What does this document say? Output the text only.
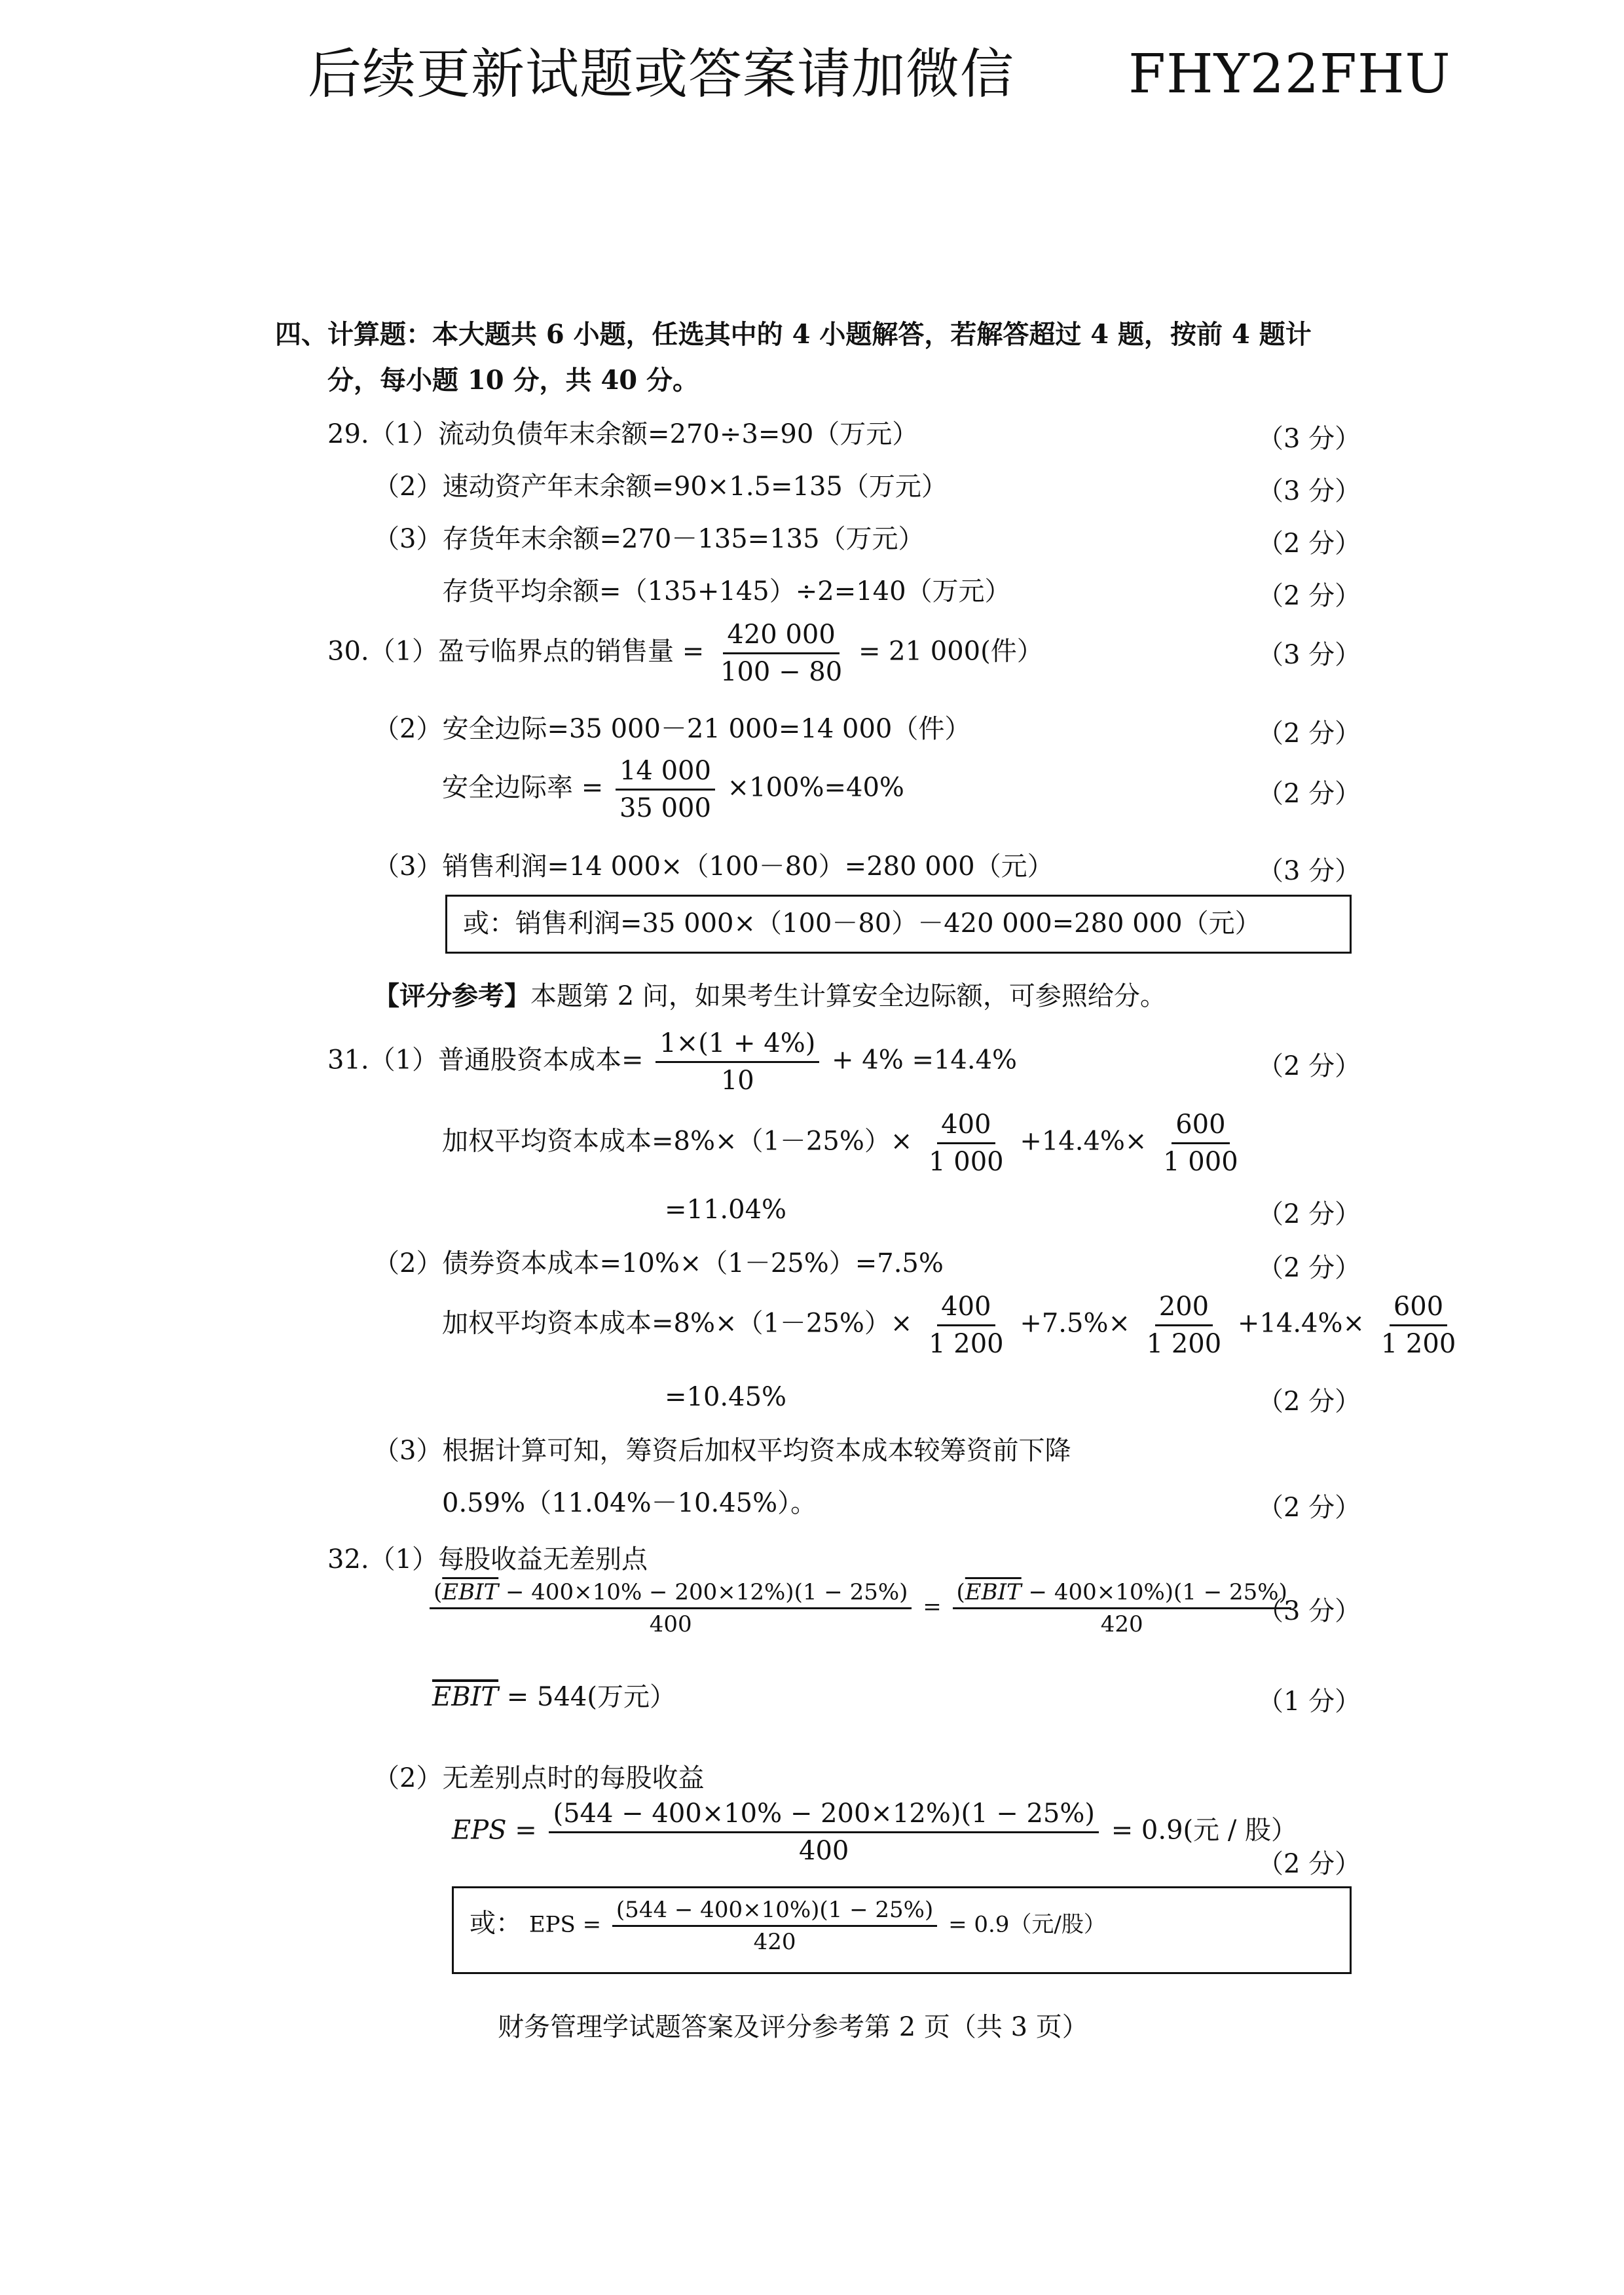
后续更新试题或答案请加微信 FHY22FHU
四、计算题：本大题共 6 小题，任选其中的 4 小题解答，若解答超过 4 题，按前 4 题计
分，每小题 10 分，共 40 分。
29.（1）流动负债年末余额=270÷3=90（万元）	（3 分）
（2）速动资产年末余额=90×1.5=135（万元）	（3 分）
（3）存货年末余额=270－135=135（万元）	（2 分）
存货平均余额=（135+145）÷2=140（万元）	（2 分）
30.（1）盈亏临界点的销售量 = $\frac{420 000}{100 - 80} = 21$ 000(件）	（3 分）
（2）安全边际=35 000－21 000=14 000（件）	（2 分）
安全边际率 = $\frac{14 000}{35 000} \times 100\%=40\%$	（2 分）
（3）销售利润=14 000×（100－80）=280 000（元）	（3 分）
或：销售利润=35 000×（100－80）－420 000=280 000（元）
【评分参考】本题第 2 问，如果考生计算安全边际额，可参照给分。
31.（1）普通股资本成本= $\frac{1\times(1 + 4\%)}{10} + 4\% =14.4\%$	（2 分）
加权平均资本成本$=8\%\times(1-25\%)\times \frac{400}{1 000} +14.4\%\times \frac{600}{1 000}$
=11.04%	（2 分）
（2）债券资本成本=10%×（1－25%）=7.5%	（2 分）
加权平均资本成本$=8\%\times(1-25\%)\times \frac{400}{1 200} +7.5\%\times \frac{200}{1 200} +14.4\%\times \frac{600}{1 200}$
=10.45%	（2 分）
（3）根据计算可知，筹资后加权平均资本成本较筹资前下降
0.59%（11.04%－10.45%）。	（2 分）
32.（1）每股收益无差别点
$\frac{\text{(EBIT − 400×10\% − 200×12\%)(1 − 25\%)}}{400} = \frac{\text{(EBIT − 400×10\%)(1 − 25\%)}}{420}$
（3 分）
EBIT = 544(万元）	（1 分）
（2）无差别点时的每股收益
EPS = $\frac{(544 - 400\times 10\% - 200\times 12\%)(1 - 25\%)}{400} = 0.9$(元 / 股）
（2 分）
或： EPS = $\frac{(544 - 400\times 10\%)(1 - 25\%)}{420} = 0.9$（元/股）
财务管理学试题答案及评分参考第 2 页（共 3 页）
